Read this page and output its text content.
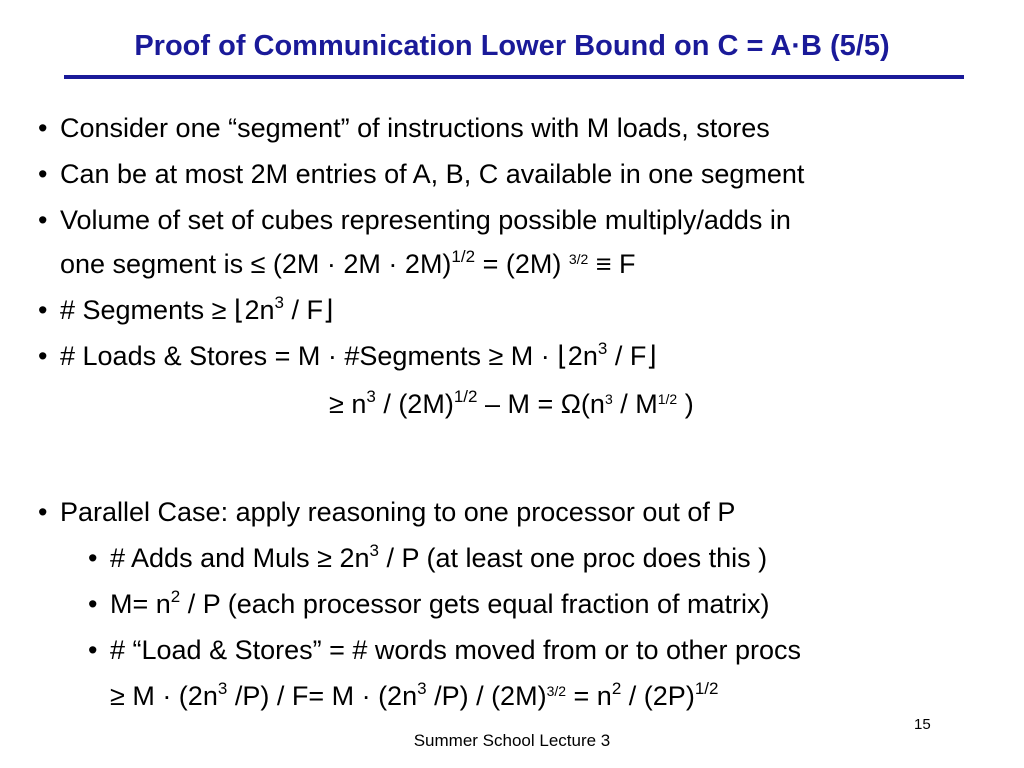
Proof of Communication Lower Bound on C = A·B (5/5)
• Consider one “segment” of instructions with M loads, stores
• Can be at most 2M entries of A, B, C available in one segment
• Volume of set of cubes representing possible multiply/adds in
one segment is ≤ $(2M \cdot 2M \cdot 2M)^{1/2} = (2M)$ $^{3/2}$ ≡ F
• # Segments ≥ $⌊2n^3$ / F⌋
• # Loads & Stores = M · #Segments ≥ $M \cdot ⌊2n^3$ / F⌋
≥ $n^3 / (2M)^{1/2} - M = \Omega(n^3 / M^{1/2}$ )
• Parallel Case: apply reasoning to one processor out of P
• # Adds and Muls ≥ $2n^3$ / P (at least one proc does this )
• $M= n^2 / P$ (each processor gets equal fraction of matrix)
• # “Load & Stores” = # words moved from or to other procs
≥ $M \cdot (2n^3$ $/P) / F= M \cdot (2n^3$ $/P) / (2M)^{3/2} = n^2 / (2P)^{1/2}$
15
Summer School Lecture 3
